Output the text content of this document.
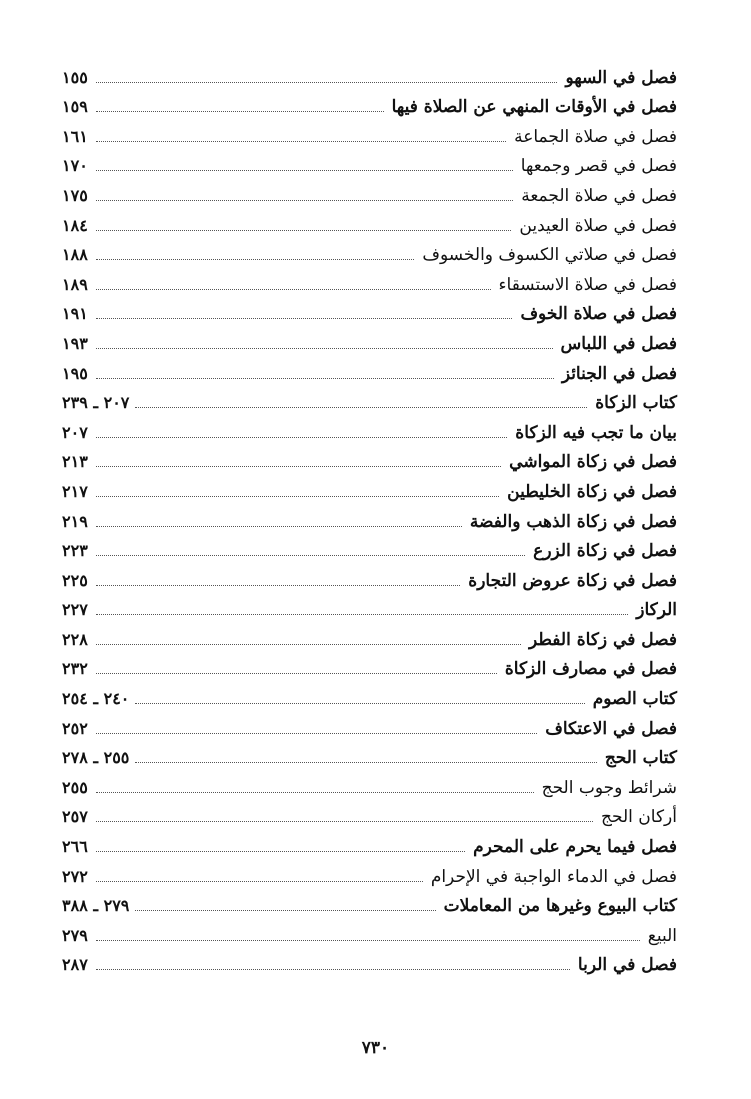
فصل في السهو
١٥٥
فصل في الأوقات المنهي عن الصلاة فيها
١٥٩
فصل في صلاة الجماعة
١٦١
فصل في قصر وجمعها
١٧٠
فصل في صلاة الجمعة
١٧٥
فصل في صلاة العيدين
١٨٤
فصل في صلاتي الكسوف والخسوف
١٨٨
فصل في صلاة الاستسقاء
١٨٩
فصل في صلاة الخوف
١٩١
فصل في اللباس
١٩٣
فصل في الجنائز
١٩٥
كتاب الزكاة
٢٠٧ ـ ٢٣٩
بيان ما تجب فيه الزكاة
٢٠٧
فصل في زكاة المواشي
٢١٣
فصل في زكاة الخليطين
٢١٧
فصل في زكاة الذهب والفضة
٢١٩
فصل في زكاة الزرع
٢٢٣
فصل في زكاة عروض التجارة
٢٢٥
الركاز
٢٢٧
فصل في زكاة الفطر
٢٢٨
فصل في مصارف الزكاة
٢٣٢
كتاب الصوم
٢٤٠ ـ ٢٥٤
فصل في الاعتكاف
٢٥٢
كتاب الحج
٢٥٥ ـ ٢٧٨
شرائط وجوب الحج
٢٥٥
أركان الحج
٢٥٧
فصل فيما يحرم على المحرم
٢٦٦
فصل في الدماء الواجبة في الإحرام
٢٧٢
كتاب البيوع وغيرها من المعاملات
٢٧٩ ـ ٣٨٨
البيع
٢٧٩
فصل في الربا
٢٨٧
٧٣٠
